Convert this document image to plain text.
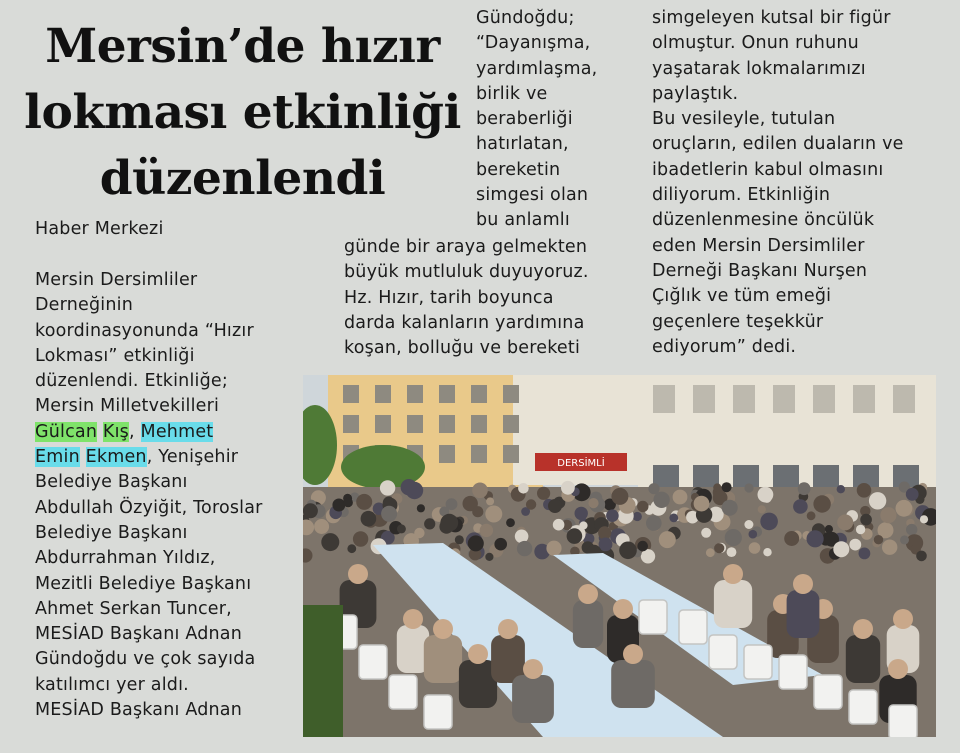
Mersin’de hızır
lokması etkinliği
düzenlendi

Haber Merkezi

Mersin Dersimliler
Derneğinin
koordinasyonunda “Hızır
Lokması” etkinliği
düzenlendi. Etkinliğe;
Mersin Milletvekilleri
Gülcan Kış, Mehmet
Emin Ekmen, Yenişehir
Belediye Başkanı
Abdullah Özyiğit, Toroslar
Belediye Başkanı
Abdurrahman Yıldız,
Mezitli Belediye Başkanı
Ahmet Serkan Tuncer,
MESİAD Başkanı Adnan
Gündoğdu ve çok sayıda
katılımcı yer aldı.
MESİAD Başkanı Adnan
Gündoğdu;
“Dayanışma,
yardımlaşma,
birlik ve
beraberliği
hatırlatan,
bereketin
simgesi olan
bu anlamlı
günde bir araya gelmekten
büyük mutluluk duyuyoruz.
Hz. Hızır, tarih boyunca
darda kalanların yardımına
koşan, bolluğu ve bereketi
simgeleyen kutsal bir figür
olmuştur. Onun ruhunu
yaşatarak lokmalarımızı
paylaştık.
Bu vesileyle, tutulan
oruçların, edilen duaların ve
ibadetlerin kabul olmasını
diliyorum. Etkinliğin
düzenlenmesine öncülük
eden Mersin Dersimliler
Derneği Başkanı Nurşen
Çığlık ve tüm emeği
geçenlere teşekkür
ediyorum” dedi.
DERSİMLİ
